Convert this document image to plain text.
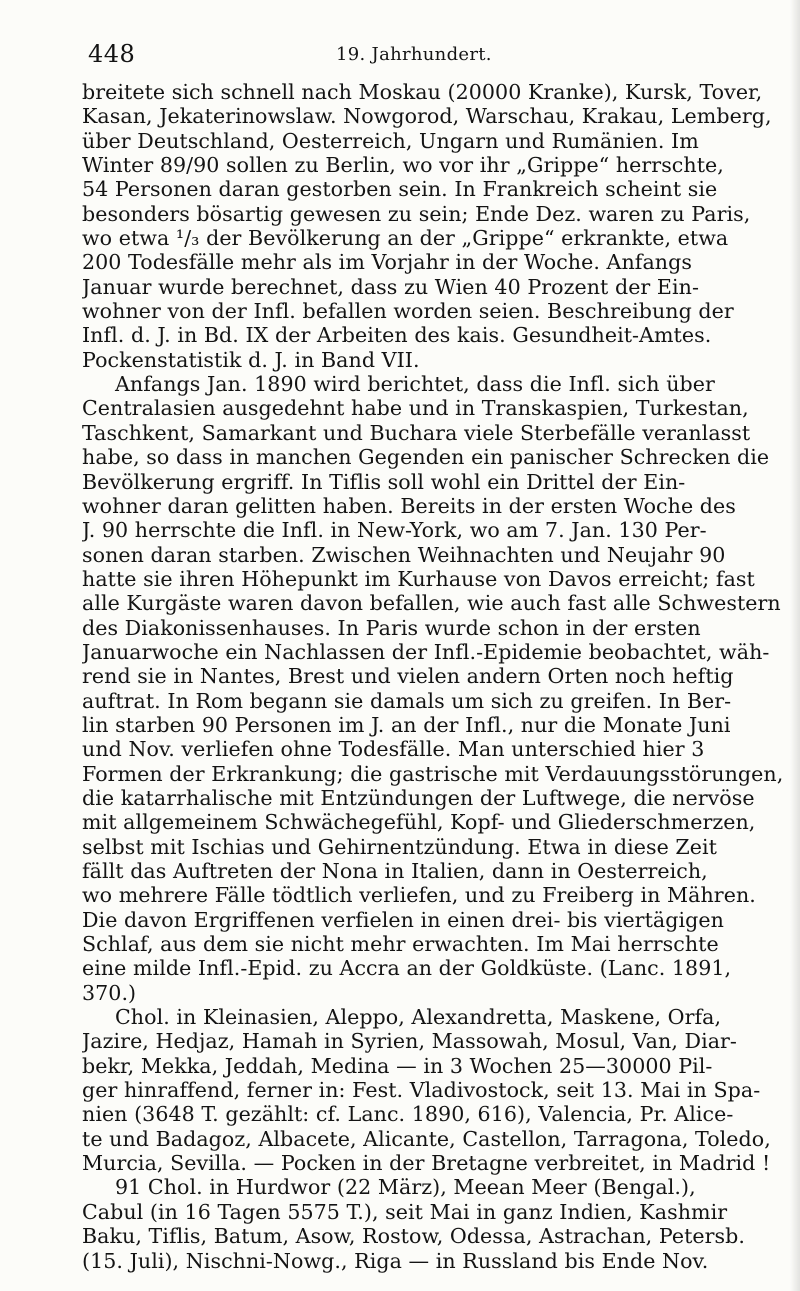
448	19. Jahrhundert.
breitete sich schnell nach Moskau (20000 Kranke), Kursk, Tover,
Kasan, Jekaterinowslaw. Nowgorod, Warschau, Krakau, Lemberg,
über Deutschland, Oesterreich, Ungarn und Rumänien. Im
Winter 89/90 sollen zu Berlin, wo vor ihr „Grippe“ herrschte,
54 Personen daran gestorben sein. In Frankreich scheint sie
besonders bösartig gewesen zu sein; Ende Dez. waren zu Paris,
wo etwa ¹/₃ der Bevölkerung an der „Grippe“ erkrankte, etwa
200 Todesfälle mehr als im Vorjahr in der Woche. Anfangs
Januar wurde berechnet, dass zu Wien 40 Prozent der Ein-
wohner von der Infl. befallen worden seien. Beschreibung der
Infl. d. J. in Bd. IX der Arbeiten des kais. Gesundheit-Amtes.
Pockenstatistik d. J. in Band VII.
Anfangs Jan. 1890 wird berichtet, dass die Infl. sich über
Centralasien ausgedehnt habe und in Transkaspien, Turkestan,
Taschkent, Samarkant und Buchara viele Sterbefälle veranlasst
habe, so dass in manchen Gegenden ein panischer Schrecken die
Bevölkerung ergriff. In Tiflis soll wohl ein Drittel der Ein-
wohner daran gelitten haben. Bereits in der ersten Woche des
J. 90 herrschte die Infl. in New-York, wo am 7. Jan. 130 Per-
sonen daran starben. Zwischen Weihnachten und Neujahr 90
hatte sie ihren Höhepunkt im Kurhause von Davos erreicht; fast
alle Kurgäste waren davon befallen, wie auch fast alle Schwestern
des Diakonissenhauses. In Paris wurde schon in der ersten
Januarwoche ein Nachlassen der Infl.-Epidemie beobachtet, wäh-
rend sie in Nantes, Brest und vielen andern Orten noch heftig
auftrat. In Rom begann sie damals um sich zu greifen. In Ber-
lin starben 90 Personen im J. an der Infl., nur die Monate Juni
und Nov. verliefen ohne Todesfälle. Man unterschied hier 3
Formen der Erkrankung; die gastrische mit Verdauungsstörungen,
die katarrhalische mit Entzündungen der Luftwege, die nervöse
mit allgemeinem Schwächegefühl, Kopf- und Gliederschmerzen,
selbst mit Ischias und Gehirnentzündung. Etwa in diese Zeit
fällt das Auftreten der Nona in Italien, dann in Oesterreich,
wo mehrere Fälle tödtlich verliefen, und zu Freiberg in Mähren.
Die davon Ergriffenen verfielen in einen drei- bis viertägigen
Schlaf, aus dem sie nicht mehr erwachten. Im Mai herrschte
eine milde Infl.-Epid. zu Accra an der Goldküste. (Lanc. 1891,
370.)
Chol. in Kleinasien, Aleppo, Alexandretta, Maskene, Orfa,
Jazire, Hedjaz, Hamah in Syrien, Massowah, Mosul, Van, Diar-
bekr, Mekka, Jeddah, Medina — in 3 Wochen 25—30000 Pil-
ger hinraffend, ferner in: Fest. Vladivostock, seit 13. Mai in Spa-
nien (3648 T. gezählt: cf. Lanc. 1890, 616), Valencia, Pr. Alice-
te und Badagoz, Albacete, Alicante, Castellon, Tarragona, Toledo,
Murcia, Sevilla. — Pocken in der Bretagne verbreitet, in Madrid !
91 Chol. in Hurdwor (22 März), Meean Meer (Bengal.),
Cabul (in 16 Tagen 5575 T.), seit Mai in ganz Indien, Kashmir
Baku, Tiflis, Batum, Asow, Rostow, Odessa, Astrachan, Petersb.
(15. Juli), Nischni-Nowg., Riga — in Russland bis Ende Nov.
